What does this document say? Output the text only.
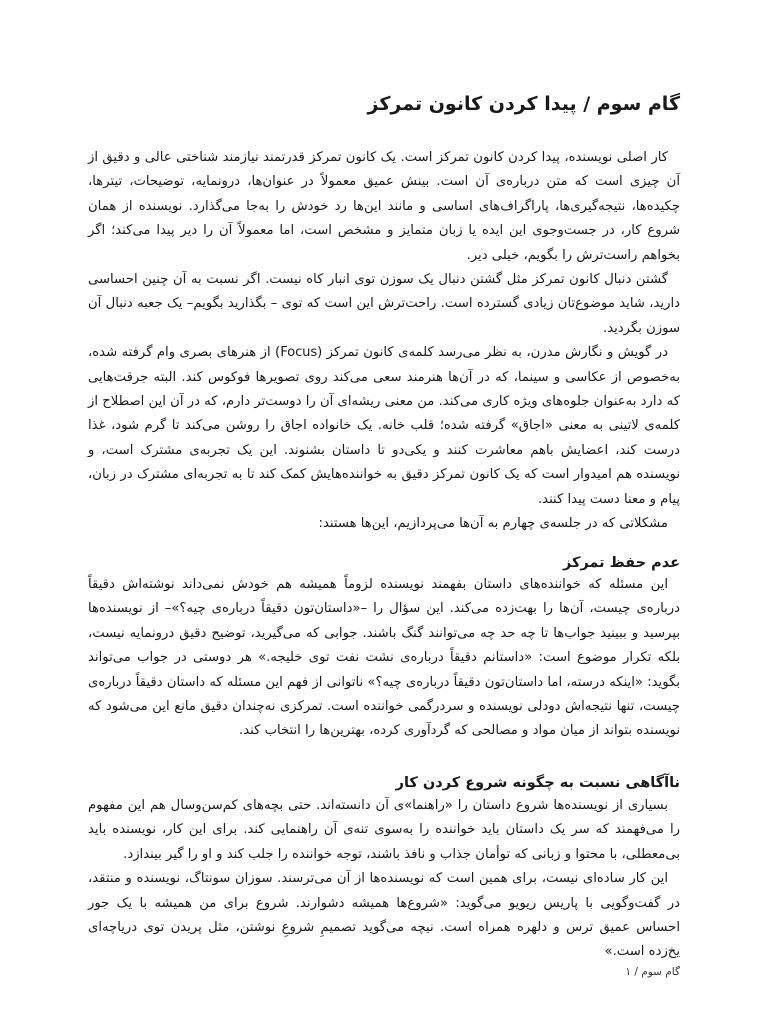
گام سوم / پیدا کردن کانون تمرکز

کار اصلی نویسنده، پیدا کردن کانون تمرکز است. یک کانون تمرکز قدرتمند نیازمند شناختی عالی و دقیق از آن چیزی است که متن درباره‌ی آن است. بینش عمیق معمولاً در عنوان‌ها، درونمایه، توضیحات، تیترها، چکیده‌ها، نتیجه‌گیری‌ها، پاراگراف‌های اساسی و مانند این‌ها رد خودش را به‌جا می‌گذارد. نویسنده از همان شروع کار، در جست‌وجوی این ایده یا زبان متمایز و مشخص است، اما معمولاً آن را دیر پیدا می‌کند؛ اگر بخواهم راست‌ترش را بگویم، خیلی دیر.

گشتن دنبال کانون تمرکز مثل گشتن دنبال یک سوزن توی انبار کاه نیست. اگر نسبت به آن چنین احساسی دارید، شاید موضوع‌تان زیادی گسترده است. راحت‌ترش این است که توی – بگذارید بگویم– یک جعبه دنبال آن سوزن بگردید.

در گویش و نگارش مدرن، به نظر می‌رسد کلمه‌ی کانون تمرکز (Focus) از هنرهای بصری وام گرفته شده، به‌خصوص از عکاسی و سینما، که در آن‌ها هنرمند سعی می‌کند روی تصویرها فوکوس کند. البته جرقت‌هایی که دارد به‌عنوان جلوه‌های ویژه کاری می‌کند. من معنی ریشه‌ای آن را دوست‌تر دارم، که در آن این اصطلاح از کلمه‌ی لاتینی به معنی «اجاق» گرفته شده؛ قلب خانه. یک خانواده اجاق را روشن می‌کند تا گرم شود، غذا درست کند، اعضایش باهم معاشرت کنند و یکی‌دو تا داستان بشنوند. این یک تجربه‌ی مشترک است، و نویسنده هم امیدوار است که یک کانون تمرکز دقیق به خواننده‌هایش کمک کند تا به تجربه‌ای مشترک در زبان، پیام و معنا دست پیدا کنند.

مشکلاتی که در جلسه‌ی چهارم به آن‌ها می‌پردازیم، این‌ها هستند:

عدم حفظ تمرکز

این مسئله که خواننده‌های داستان بفهمند نویسنده لزوماً همیشه هم خودش نمی‌داند نوشته‌اش دقیقاً درباره‌ی چیست، آن‌ها را بهت‌زده می‌کند. این سؤال را –«داستان‌تون دقیقاً درباره‌ی چیه؟»– از نویسنده‌ها بپرسید و ببینید جواب‌ها تا چه حد چه می‌توانند گنگ باشند. جوابی که می‌گیرید، توضیح دقیق درونمایه نیست، بلکه تکرار موضوع است: «داستانم دقیقاً درباره‌ی نشت نفت توی خلیجه.» هر دوستی در جواب می‌تواند بگوید: «اینکه درسته، اما داستان‌تون دقیقاً درباره‌ی چیه؟» ناتوانی از فهم این مسئله که داستان دقیقاً درباره‌ی چیست، تنها نتیجه‌اش دودلی نویسنده و سردرگمی خواننده است. تمرکزی نه‌چندان دقیق مانع این می‌شود که نویسنده بتواند از میان مواد و مصالحی که گردآوری کرده، بهترین‌ها را انتخاب کند.

ناآگاهی نسبت به چگونه شروع کردن کار

بسیاری از نویسنده‌ها شروع داستان را «راهنما»ی آن دانسته‌اند. حتی بچه‌های کم‌سن‌وسال هم این مفهوم را می‌فهمند که سر یک داستان باید خواننده را به‌سوی تنه‌ی آن راهنمایی کند. برای این کار، نویسنده باید بی‌معطلی، با محتوا و زبانی که توأمان جذاب و نافذ باشند، توجه خواننده را جلب کند و او را گیر بیندازد.

این کار ساده‌ای نیست، برای همین است که نویسنده‌ها از آن می‌ترسند. سوزان سونتاگ، نویسنده و منتقد، در گفت‌وگویی با پاریس ریویو می‌گوید: «شروع‌ها همیشه دشوارند. شروع برای من همیشه با یک جور احساس عمیق ترس و دلهره همراه است. نیچه می‌گوید تصمیمِ شروعِ نوشتن، مثل پریدن توی دریاچه‌ای یخ‌زده است.»

گام سوم / ۱
